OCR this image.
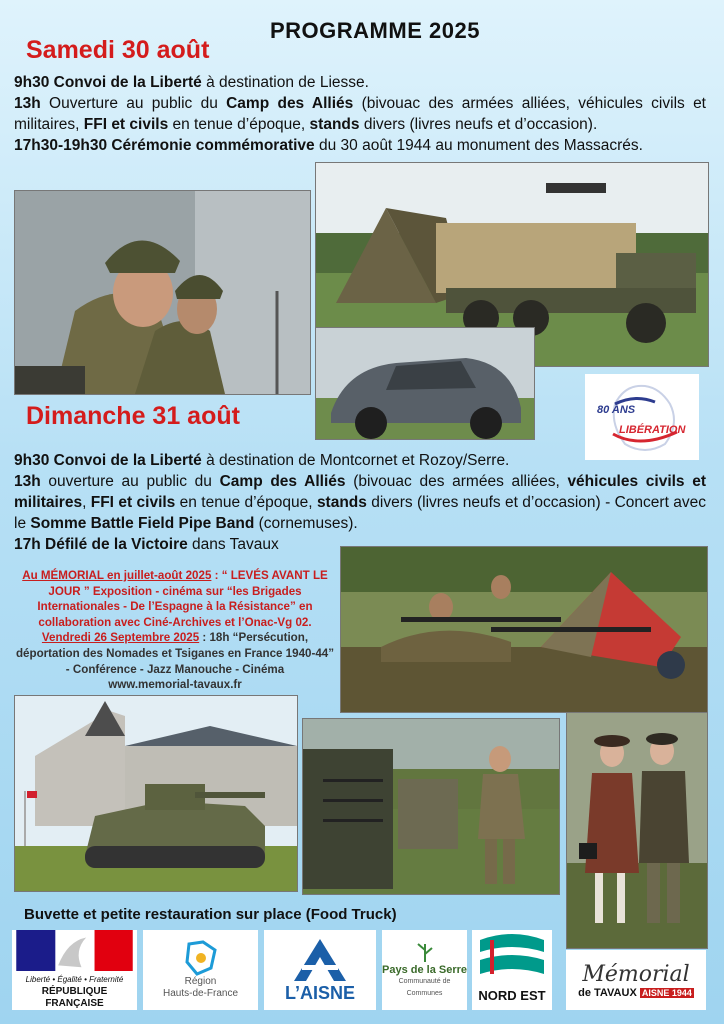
PROGRAMME 2025
Samedi 30 août
9h30 Convoi de la Liberté à destination de Liesse.
13h Ouverture au public du Camp des Alliés (bivouac des armées alliées, véhicules civils et militaires, FFI et civils en tenue d’époque, stands divers (livres neufs et d’occasion).
17h30-19h30 Cérémonie commémorative du 30 août 1944 au monument des Massacrés.
80 ANS
LIBÉRATION
Dimanche 31 août
9h30 Convoi de la Liberté à destination de Montcornet et Rozoy/Serre.
13h ouverture au public du Camp des Alliés (bivouac des armées alliées, véhicules civils et militaires, FFI et civils en tenue d’époque, stands divers (livres neufs et d’occasion) - Concert avec le Somme Battle Field Pipe Band (cornemuses).
17h Défilé de la Victoire dans Tavaux
Au MÉMORIAL en juillet-août 2025 : “ LEVÉS AVANT LE JOUR ” Exposition - cinéma sur “les Brigades Internationales - De l’Espagne à la Résistance” en collaboration avec Ciné-Archives et l’Onac-Vg 02.
Vendredi 26 Septembre 2025 : 18h “Persécution, déportation des Nomades et Tsiganes en France 1940-44” - Conférence - Jazz Manouche - Cinéma
www.memorial-tavaux.fr
Buvette et petite restauration sur place (Food Truck)
Liberté • Égalité • Fraternité
RÉPUBLIQUE FRANÇAISE
Région
Hauts-de-France	L’AISNE
Pays de la Serre
Communauté de Communes	NORD EST
Mémorial
de TAVAUX AISNE 1944
